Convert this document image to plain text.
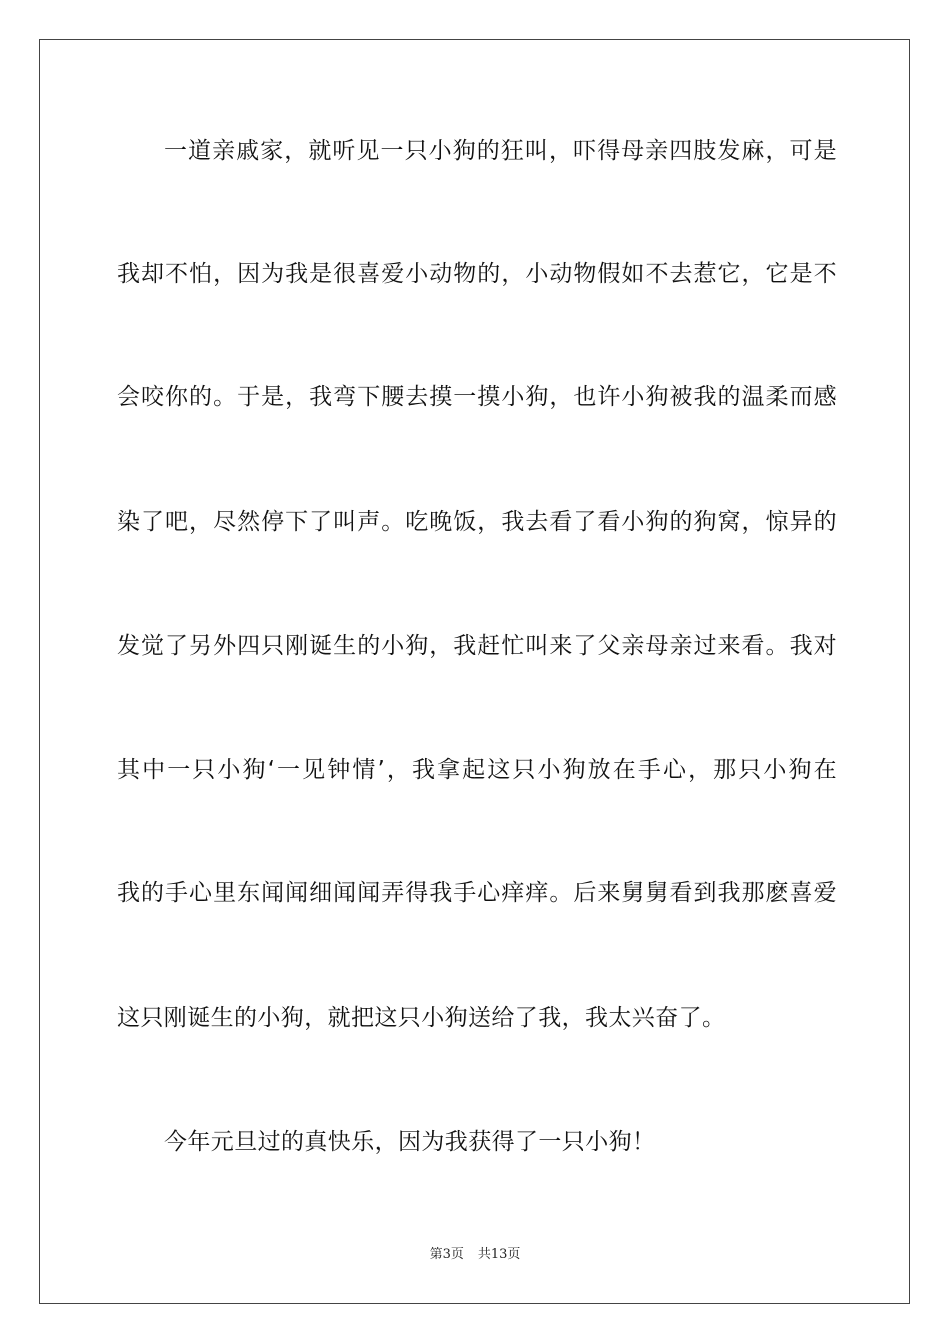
一道亲戚家，就听见一只小狗的狂叫，吓得母亲四肢发麻，可是
我却不怕，因为我是很喜爱小动物的，小动物假如不去惹它，它是不
会咬你的。于是，我弯下腰去摸一摸小狗，也许小狗被我的温柔而感
染了吧，尽然停下了叫声。吃晚饭，我去看了看小狗的狗窝，惊异的
发觉了另外四只刚诞生的小狗，我赶忙叫来了父亲母亲过来看。我对
其中一只小狗‘一见钟情’，我拿起这只小狗放在手心，那只小狗在
我的手心里东闻闻细闻闻弄得我手心痒痒。后来舅舅看到我那麽喜爱
这只刚诞生的小狗，就把这只小狗送给了我，我太兴奋了。
今年元旦过的真快乐，因为我获得了一只小狗！
第3页 共13页
